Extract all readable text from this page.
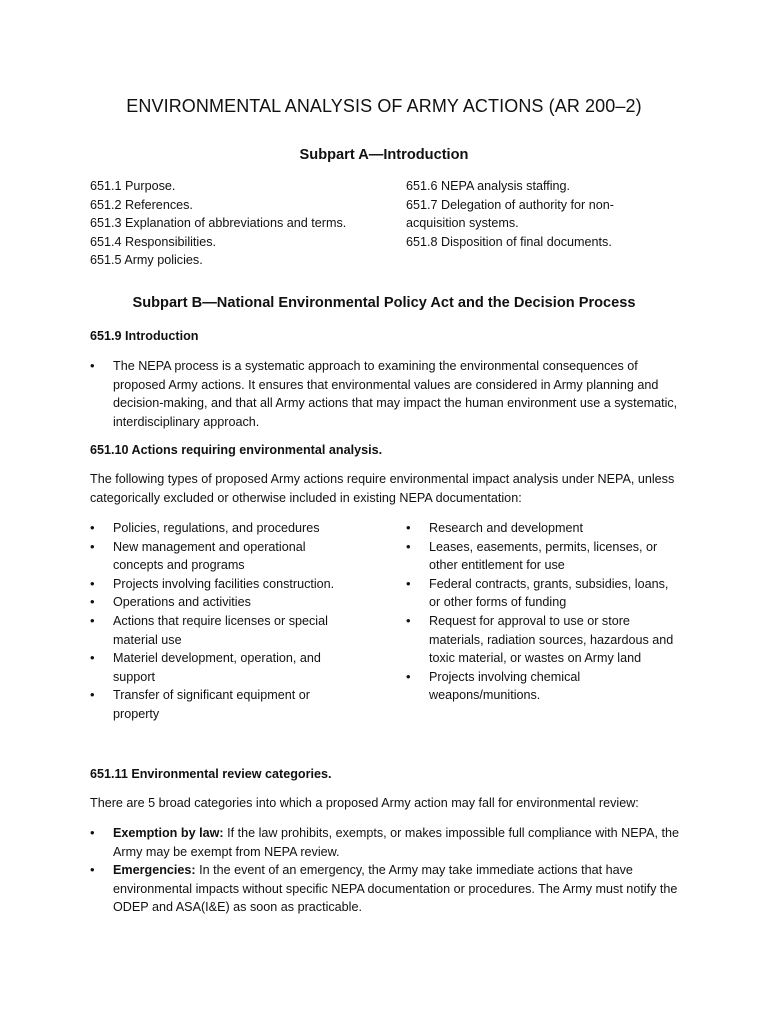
ENVIRONMENTAL ANALYSIS OF ARMY ACTIONS (AR 200–2)
Subpart A—Introduction
651.1 Purpose.
651.2 References.
651.3 Explanation of abbreviations and terms.
651.4 Responsibilities.
651.5 Army policies.
651.6 NEPA analysis staffing.
651.7 Delegation of authority for non-
acquisition systems.
651.8 Disposition of final documents.
Subpart B—National Environmental Policy Act and the Decision Process
651.9 Introduction
• The NEPA process is a systematic approach to examining the environmental consequences of proposed Army actions. It ensures that environmental values are considered in Army planning and decision-making, and that all Army actions that may impact the human environment use a systematic, interdisciplinary approach.
651.10 Actions requiring environmental analysis.
The following types of proposed Army actions require environmental impact analysis under NEPA, unless categorically excluded or otherwise included in existing NEPA documentation:
• Policies, regulations, and procedures
• New management and operational concepts and programs
• Projects involving facilities construction.
• Operations and activities
• Actions that require licenses or special material use
• Materiel development, operation, and support
• Transfer of significant equipment or property
• Research and development
• Leases, easements, permits, licenses, or other entitlement for use
• Federal contracts, grants, subsidies, loans, or other forms of funding
• Request for approval to use or store materials, radiation sources, hazardous and toxic material, or wastes on Army land
• Projects involving chemical weapons/munitions.
651.11 Environmental review categories.
There are 5 broad categories into which a proposed Army action may fall for environmental review:
• Exemption by law: If the law prohibits, exempts, or makes impossible full compliance with NEPA, the Army may be exempt from NEPA review.
• Emergencies: In the event of an emergency, the Army may take immediate actions that have environmental impacts without specific NEPA documentation or procedures. The Army must notify the ODEP and ASA(I&E) as soon as practicable.
